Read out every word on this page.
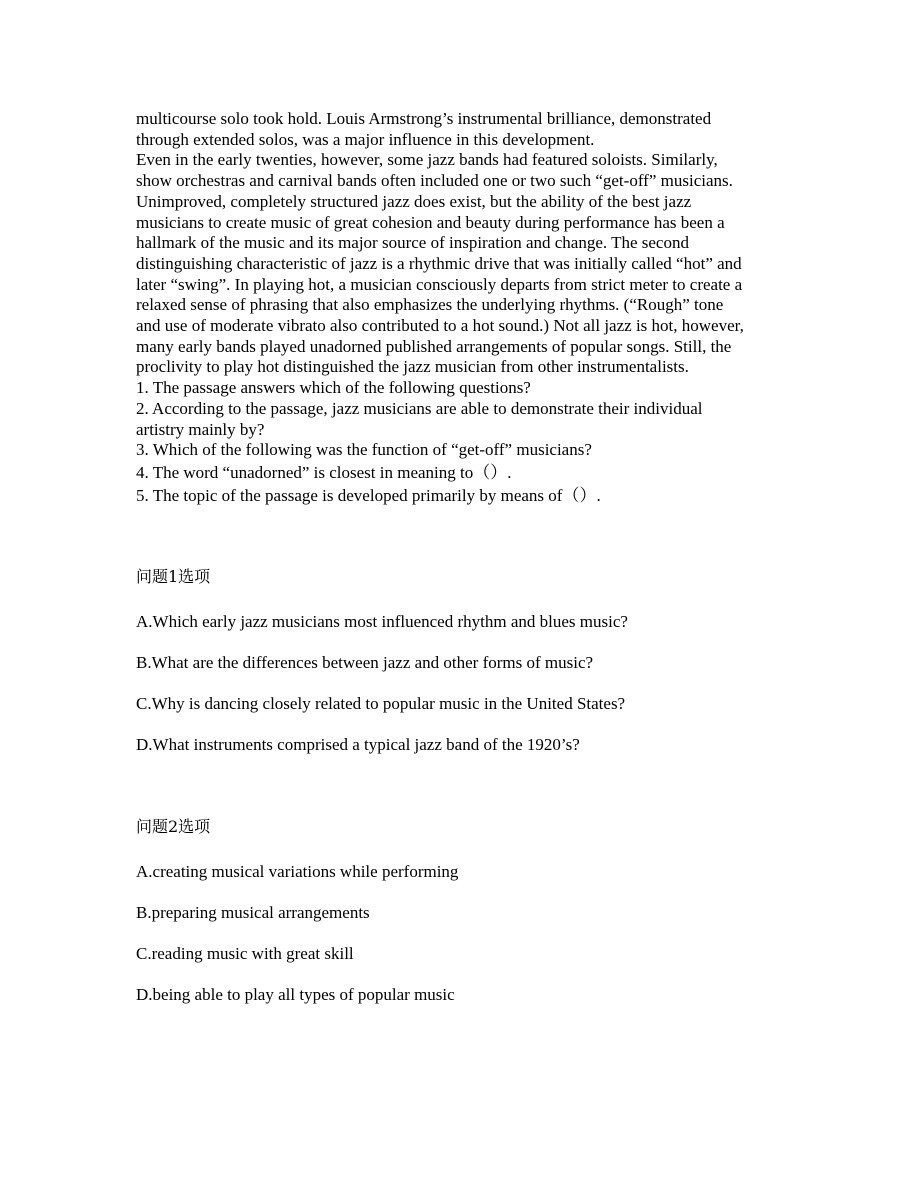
multicourse solo took hold. Louis Armstrong’s instrumental brilliance, demonstrated
through extended solos, was a major influence in this development.
Even in the early twenties, however, some jazz bands had featured soloists. Similarly,
show orchestras and carnival bands often included one or two such “get-off” musicians.
Unimproved, completely structured jazz does exist, but the ability of the best jazz
musicians to create music of great cohesion and beauty during performance has been a
hallmark of the music and its major source of inspiration and change. The second
distinguishing characteristic of jazz is a rhythmic drive that was initially called “hot” and
later “swing”. In playing hot, a musician consciously departs from strict meter to create a
relaxed sense of phrasing that also emphasizes the underlying rhythms. (“Rough” tone
and use of moderate vibrato also contributed to a hot sound.) Not all jazz is hot, however,
many early bands played unadorned published arrangements of popular songs. Still, the
proclivity to play hot distinguished the jazz musician from other instrumentalists.
1. The passage answers which of the following questions?
2. According to the passage, jazz musicians are able to demonstrate their individual
artistry mainly by?
3. Which of the following was the function of “get-off” musicians?
4. The word “unadorned” is closest in meaning to（）.
5. The topic of the passage is developed primarily by means of（）.
问题1选项
A.Which early jazz musicians most influenced rhythm and blues music?
B.What are the differences between jazz and other forms of music?
C.Why is dancing closely related to popular music in the United States?
D.What instruments comprised a typical jazz band of the 1920’s?
问题2选项
A.creating musical variations while performing
B.preparing musical arrangements
C.reading music with great skill
D.being able to play all types of popular music
